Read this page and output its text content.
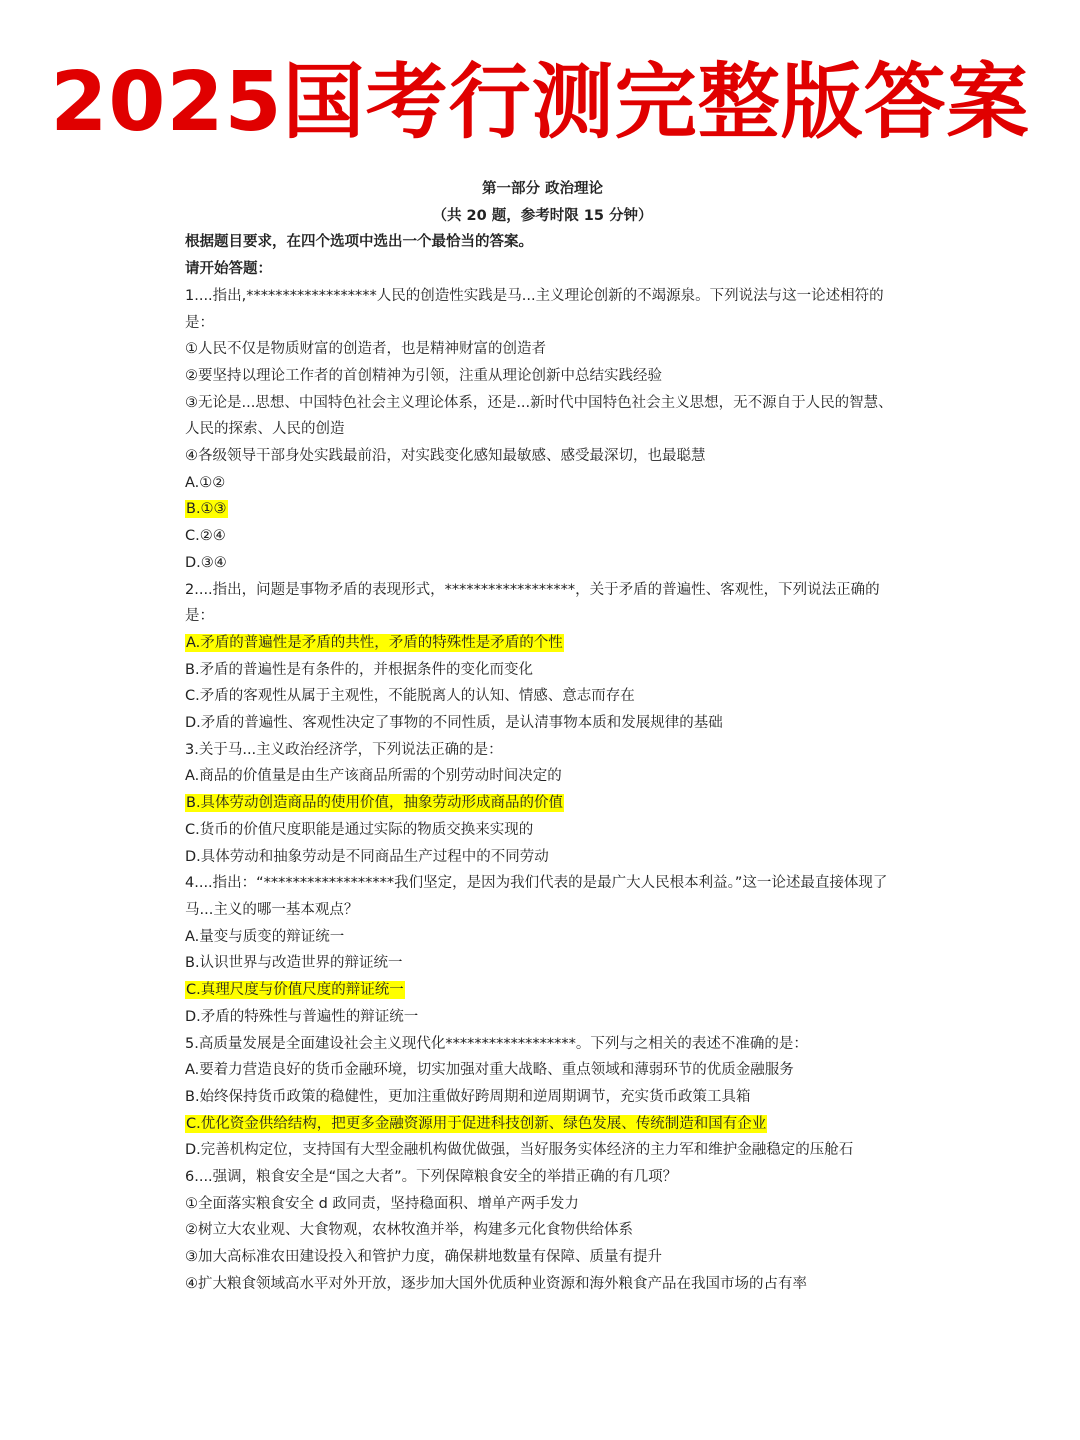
2025国考行测完整版答案

第一部分 政治理论

（共 20 题，参考时限 15 分钟）

根据题目要求，在四个选项中选出一个最恰当的答案。

请开始答题：

1....指出,******************人民的创造性实践是马...主义理论创新的不竭源泉。下列说法与这一论述相符的是：

①人民不仅是物质财富的创造者，也是精神财富的创造者

②要坚持以理论工作者的首创精神为引领，注重从理论创新中总结实践经验

③无论是...思想、中国特色社会主义理论体系，还是...新时代中国特色社会主义思想，无不源自于人民的智慧、人民的探索、人民的创造

④各级领导干部身处实践最前沿，对实践变化感知最敏感、感受最深切，也最聪慧

A.①②

B.①③

C.②④

D.③④

2....指出，问题是事物矛盾的表现形式，******************，关于矛盾的普遍性、客观性，下列说法正确的是：

A.矛盾的普遍性是矛盾的共性，矛盾的特殊性是矛盾的个性

B.矛盾的普遍性是有条件的，并根据条件的变化而变化

C.矛盾的客观性从属于主观性，不能脱离人的认知、情感、意志而存在

D.矛盾的普遍性、客观性决定了事物的不同性质，是认清事物本质和发展规律的基础

3.关于马...主义政治经济学，下列说法正确的是：

A.商品的价值量是由生产该商品所需的个别劳动时间决定的

B.具体劳动创造商品的使用价值，抽象劳动形成商品的价值

C.货币的价值尺度职能是通过实际的物质交换来实现的

D.具体劳动和抽象劳动是不同商品生产过程中的不同劳动

4....指出：“******************我们坚定，是因为我们代表的是最广大人民根本利益。”这一论述最直接体现了马...主义的哪一基本观点？

A.量变与质变的辩证统一

B.认识世界与改造世界的辩证统一

C.真理尺度与价值尺度的辩证统一

D.矛盾的特殊性与普遍性的辩证统一

5.高质量发展是全面建设社会主义现代化******************。下列与之相关的表述不准确的是：

A.要着力营造良好的货币金融环境，切实加强对重大战略、重点领域和薄弱环节的优质金融服务

B.始终保持货币政策的稳健性，更加注重做好跨周期和逆周期调节，充实货币政策工具箱

C.优化资金供给结构，把更多金融资源用于促进科技创新、绿色发展、传统制造和国有企业

D.完善机构定位，支持国有大型金融机构做优做强，当好服务实体经济的主力军和维护金融稳定的压舱石

6....强调，粮食安全是“国之大者”。下列保障粮食安全的举措正确的有几项？

①全面落实粮食安全 d 政同责，坚持稳面积、增单产两手发力

②树立大农业观、大食物观，农林牧渔并举，构建多元化食物供给体系

③加大高标准农田建设投入和管护力度，确保耕地数量有保障、质量有提升

④扩大粮食领域高水平对外开放，逐步加大国外优质种业资源和海外粮食产品在我国市场的占有率
